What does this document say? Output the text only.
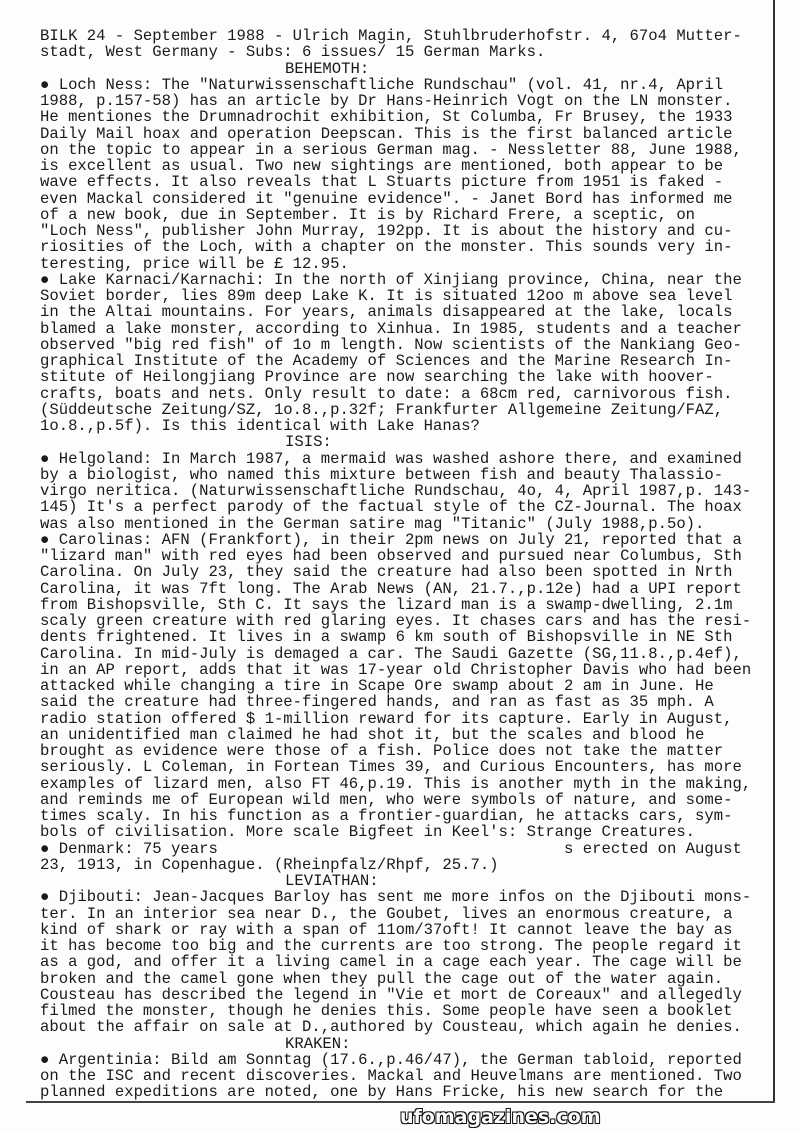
BILK 24 - September 1988 - Ulrich Magin, Stuhlbruderhofstr. 4, 67o4 Mutter-
stadt, West Germany - Subs: 6 issues/ 15 German Marks.
BEHEMOTH:
● Loch Ness: The "Naturwissenschaftliche Rundschau" (vol. 41, nr.4, April
1988, p.157-58) has an article by Dr Hans-Heinrich Vogt on the LN monster.
He mentiones the Drumnadrochit exhibition, St Columba, Fr Brusey, the 1933
Daily Mail hoax and operation Deepscan. This is the first balanced article
on the topic to appear in a serious German mag. - Nessletter 88, June 1988,
is excellent as usual. Two new sightings are mentioned, both appear to be
wave effects. It also reveals that L Stuarts picture from 1951 is faked -
even Mackal considered it "genuine evidence". - Janet Bord has informed me
of a new book, due in September. It is by Richard Frere, a sceptic, on
"Loch Ness", publisher John Murray, 192pp. It is about the history and cu-
riosities of the Loch, with a chapter on the monster. This sounds very in-
teresting, price will be £ 12.95.
● Lake Karnaci/Karnachi: In the north of Xinjiang province, China, near the
Soviet border, lies 89m deep Lake K. It is situated 12oo m above sea level
in the Altai mountains. For years, animals disappeared at the lake, locals
blamed a lake monster, according to Xinhua. In 1985, students and a teacher
observed "big red fish" of 1o m length. Now scientists of the Nankiang Geo-
graphical Institute of the Academy of Sciences and the Marine Research In-
stitute of Heilongjiang Province are now searching the lake with hoover-
crafts, boats and nets. Only result to date: a 68cm red, carnivorous fish.
(Süddeutsche Zeitung/SZ, 1o.8.,p.32f; Frankfurter Allgemeine Zeitung/FAZ,
1o.8.,p.5f). Is this identical with Lake Hanas?
ISIS:
● Helgoland: In March 1987, a mermaid was washed ashore there, and examined
by a biologist, who named this mixture between fish and beauty Thalassio-
virgo neritica. (Naturwissenschaftliche Rundschau, 4o, 4, April 1987,p. 143-
145) It's a perfect parody of the factual style of the CZ-Journal. The hoax
was also mentioned in the German satire mag "Titanic" (July 1988,p.5o).
● Carolinas: AFN (Frankfort), in their 2pm news on July 21, reported that a
"lizard man" with red eyes had been observed and pursued near Columbus, Sth
Carolina. On July 23, they said the creature had also been spotted in Nrth
Carolina, it was 7ft long. The Arab News (AN, 21.7.,p.12e) had a UPI report
from Bishopsville, Sth C. It says the lizard man is a swamp-dwelling, 2.1m
scaly green creature with red glaring eyes. It chases cars and has the resi-
dents frightened. It lives in a swamp 6 km south of Bishopsville in NE Sth
Carolina. In mid-July is demaged a car. The Saudi Gazette (SG,11.8.,p.4ef),
in an AP report, adds that it was 17-year old Christopher Davis who had been
attacked while changing a tire in Scape Ore swamp about 2 am in June. He
said the creature had three-fingered hands, and ran as fast as 35 mph. A
radio station offered $ 1-million reward for its capture. Early in August,
an unidentified man claimed he had shot it, but the scales and blood he
brought as evidence were those of a fish. Police does not take the matter
seriously. L Coleman, in Fortean Times 39, and Curious Encounters, has more
examples of lizard men, also FT 46,p.19. This is another myth in the making,
and reminds me of European wild men, who were symbols of nature, and some-
times scaly. In his function as a frontier-guardian, he attacks cars, sym-
bols of civilisation. More scale Bigfeet in Keel's: Strange Creatures.
● Denmark: 75 years                                     s erected on August
23, 1913, in Copenhague. (Rheinpfalz/Rhpf, 25.7.)
LEVIATHAN:
● Djibouti: Jean-Jacques Barloy has sent me more infos on the Djibouti mons-
ter. In an interior sea near D., the Goubet, lives an enormous creature, a
kind of shark or ray with a span of 11om/37oft! It cannot leave the bay as
it has become too big and the currents are too strong. The people regard it
as a god, and offer it a living camel in a cage each year. The cage will be
broken and the camel gone when they pull the cage out of the water again.
Cousteau has described the legend in "Vie et mort de Coreaux" and allegedly
filmed the monster, though he denies this. Some people have seen a booklet
about the affair on sale at D.,authored by Cousteau, which again he denies.
KRAKEN:
● Argentinia: Bild am Sonntag (17.6.,p.46/47), the German tabloid, reported
on the ISC and recent discoveries. Mackal and Heuvelmans are mentioned. Two
planned expeditions are noted, one by Hans Fricke, his new search for the
ufomagazines.com
